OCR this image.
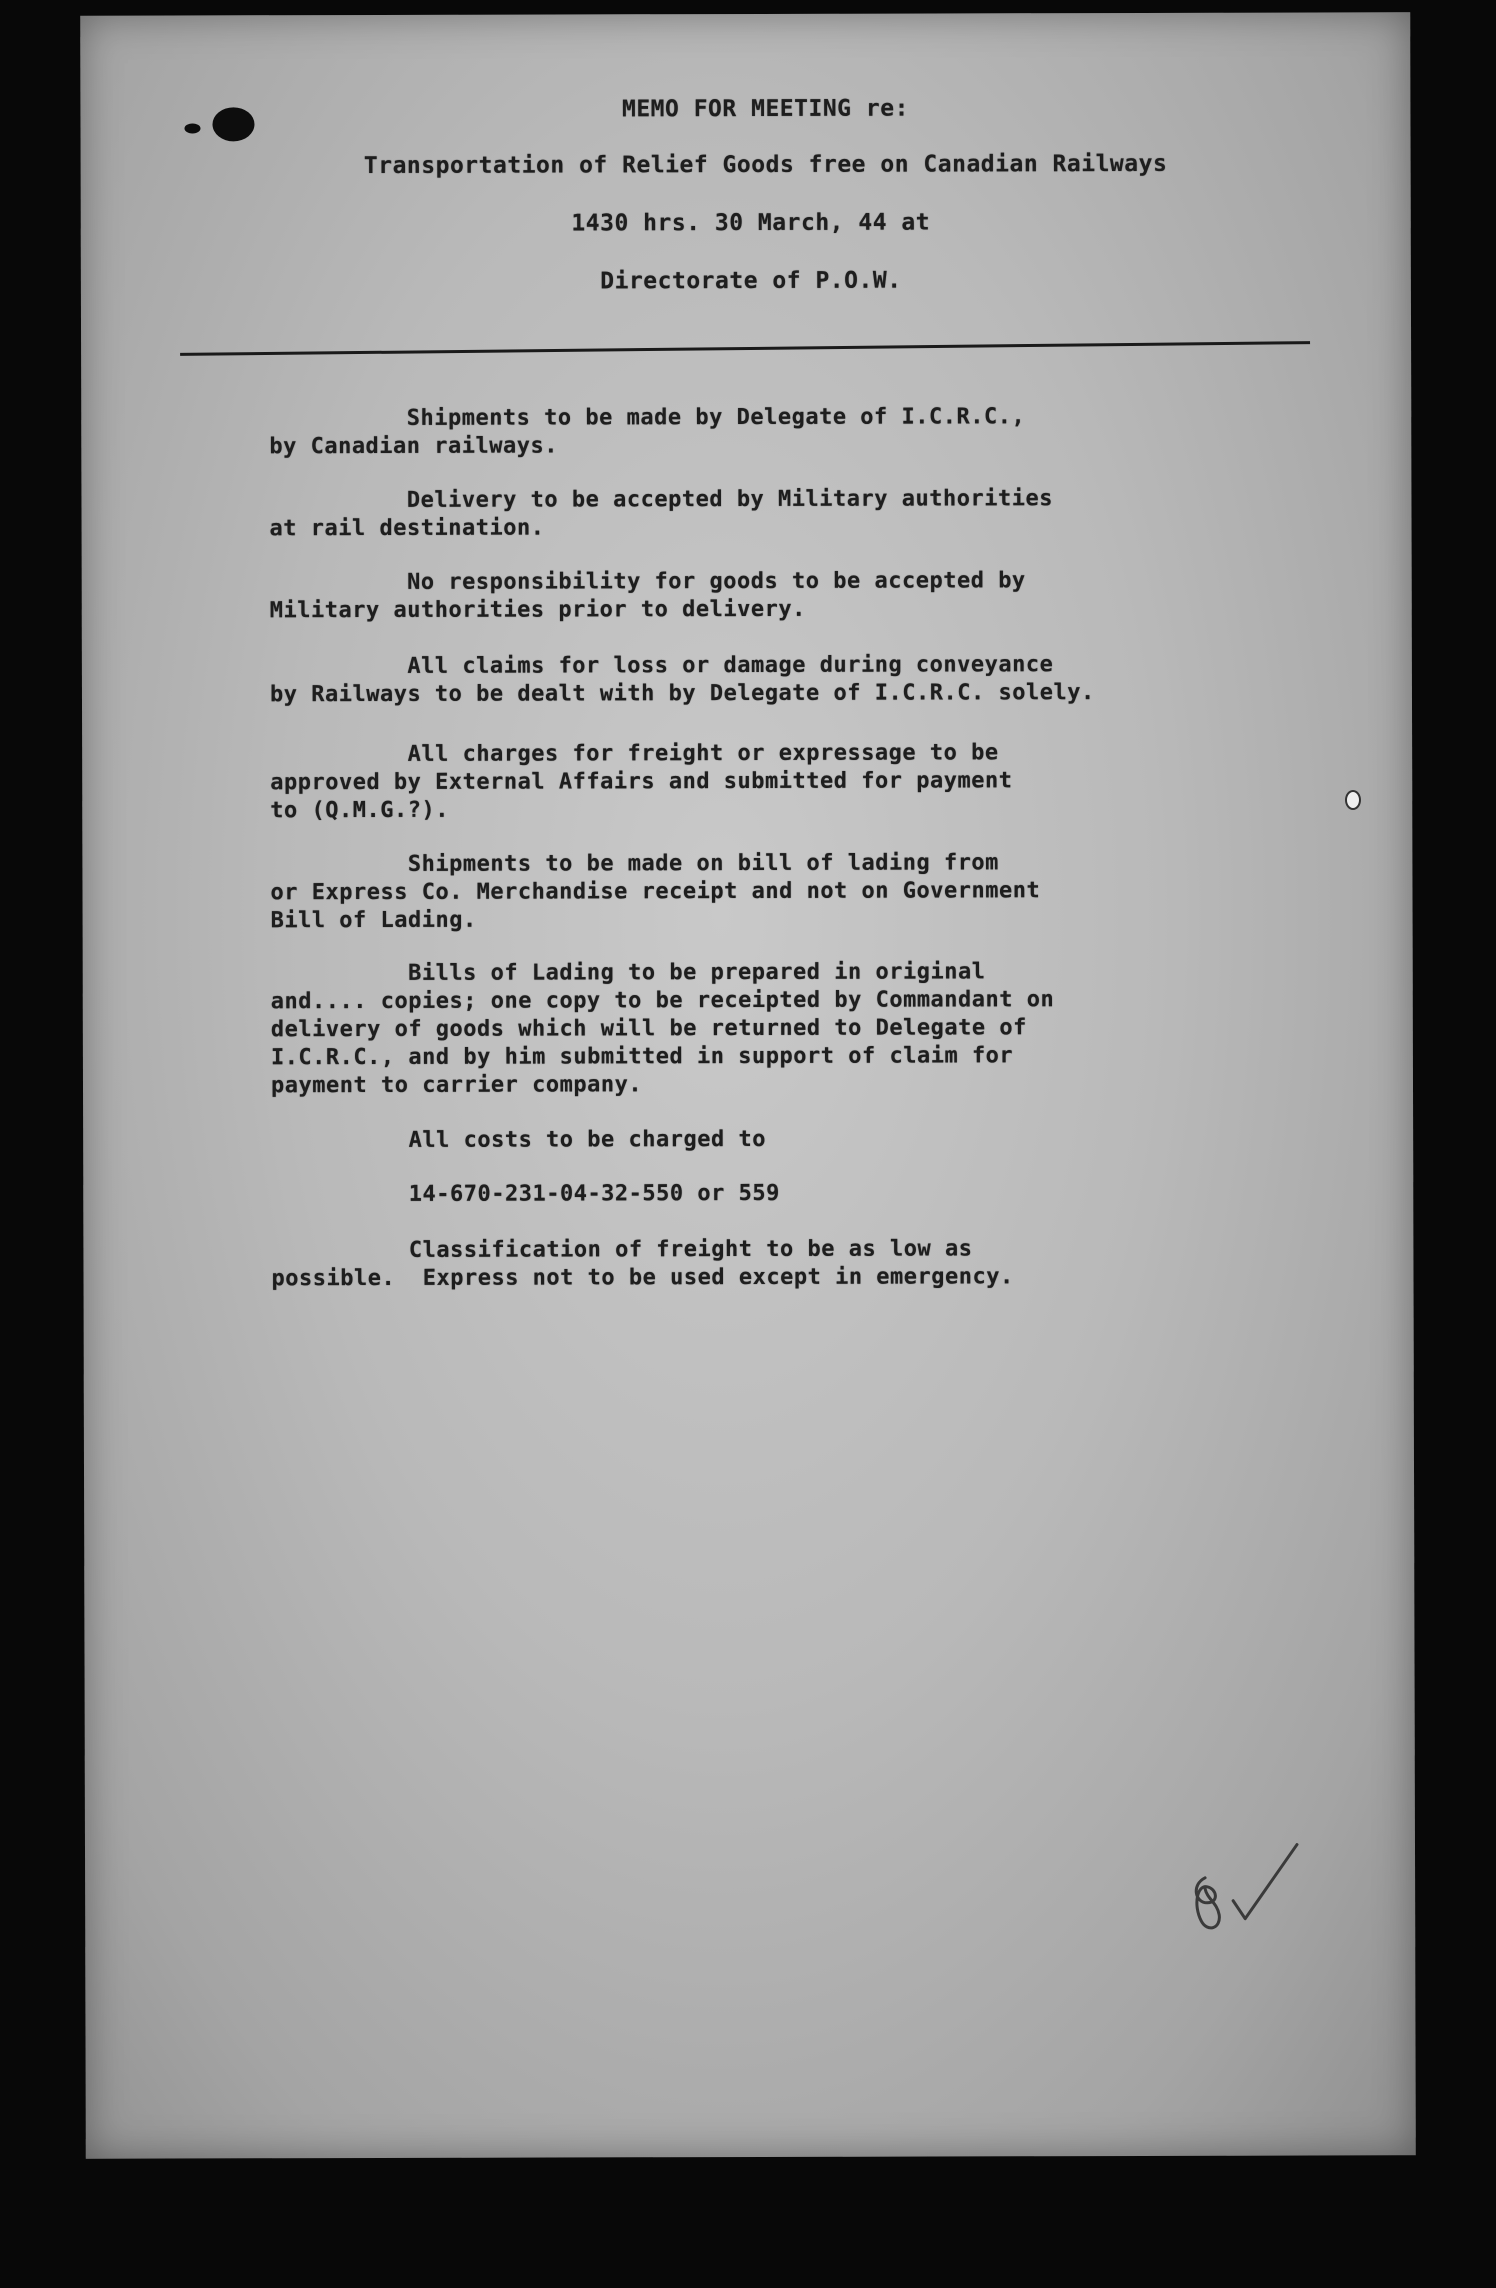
MEMO FOR MEETING re:
Transportation of Relief Goods free on Canadian Railways
1430 hrs. 30 March, 44 at
Directorate of P.O.W.
Shipments to be made by Delegate of I.C.R.C.,
by Canadian railways.
Delivery to be accepted by Military authorities
at rail destination.
No responsibility for goods to be accepted by
Military authorities prior to delivery.
All claims for loss or damage during conveyance
by Railways to be dealt with by Delegate of I.C.R.C. solely.
All charges for freight or expressage to be
approved by External Affairs and submitted for payment
to (Q.M.G.?).
Shipments to be made on bill of lading from
or Express Co. Merchandise receipt and not on Government
Bill of Lading.
Bills of Lading to be prepared in original
and.... copies; one copy to be receipted by Commandant on
delivery of goods which will be returned to Delegate of
I.C.R.C., and by him submitted in support of claim for
payment to carrier company.
All costs to be charged to
14-670-231-04-32-550 or 559
Classification of freight to be as low as
possible.  Express not to be used except in emergency.
